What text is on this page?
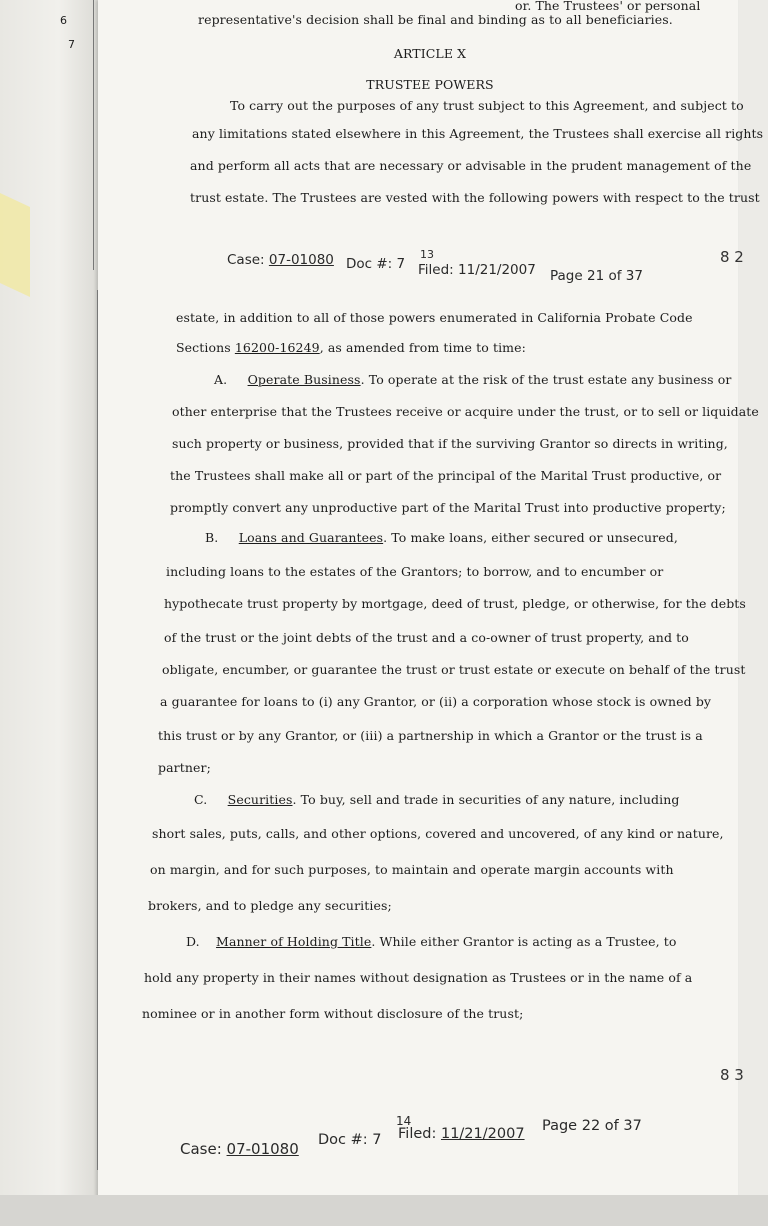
6
7
or. The Trustees' or personal
representative's decision shall be final and binding as to all beneficiaries.
ARTICLE X
TRUSTEE POWERS
To carry out the purposes of any trust subject to this Agreement, and subject to
any limitations stated elsewhere in this Agreement, the Trustees shall exercise all rights
and perform all acts that are necessary or advisable in the prudent management of the
trust estate. The Trustees are vested with the following powers with respect to the trust
Case: 07-01080 Doc #: 7
13
Filed: 11/21/2007 Page 21 of 37
8 2
estate, in addition to all of those powers enumerated in California Probate Code
Sections 16200-16249, as amended from time to time:
A. Operate Business. To operate at the risk of the trust estate any business or
other enterprise that the Trustees receive or acquire under the trust, or to sell or liquidate
such property or business, provided that if the surviving Grantor so directs in writing,
the Trustees shall make all or part of the principal of the Marital Trust productive, or
promptly convert any unproductive part of the Marital Trust into productive property;
B. Loans and Guarantees. To make loans, either secured or unsecured,
including loans to the estates of the Grantors; to borrow, and to encumber or
hypothecate trust property by mortgage, deed of trust, pledge, or otherwise, for the debts
of the trust or the joint debts of the trust and a co-owner of trust property, and to
obligate, encumber, or guarantee the trust or trust estate or execute on behalf of the trust
a guarantee for loans to (i) any Grantor, or (ii) a corporation whose stock is owned by
this trust or by any Grantor, or (iii) a partnership in which a Grantor or the trust is a
partner;
C. Securities. To buy, sell and trade in securities of any nature, including
short sales, puts, calls, and other options, covered and uncovered, of any kind or nature,
on margin, and for such purposes, to maintain and operate margin accounts with
brokers, and to pledge any securities;
D. Manner of Holding Title. While either Grantor is acting as a Trustee, to
hold any property in their names without designation as Trustees or in the name of a
nominee or in another form without disclosure of the trust;
8 3
Case: 07-01080 Doc #: 7
14
Filed: 11/21/2007 Page 22 of 37
